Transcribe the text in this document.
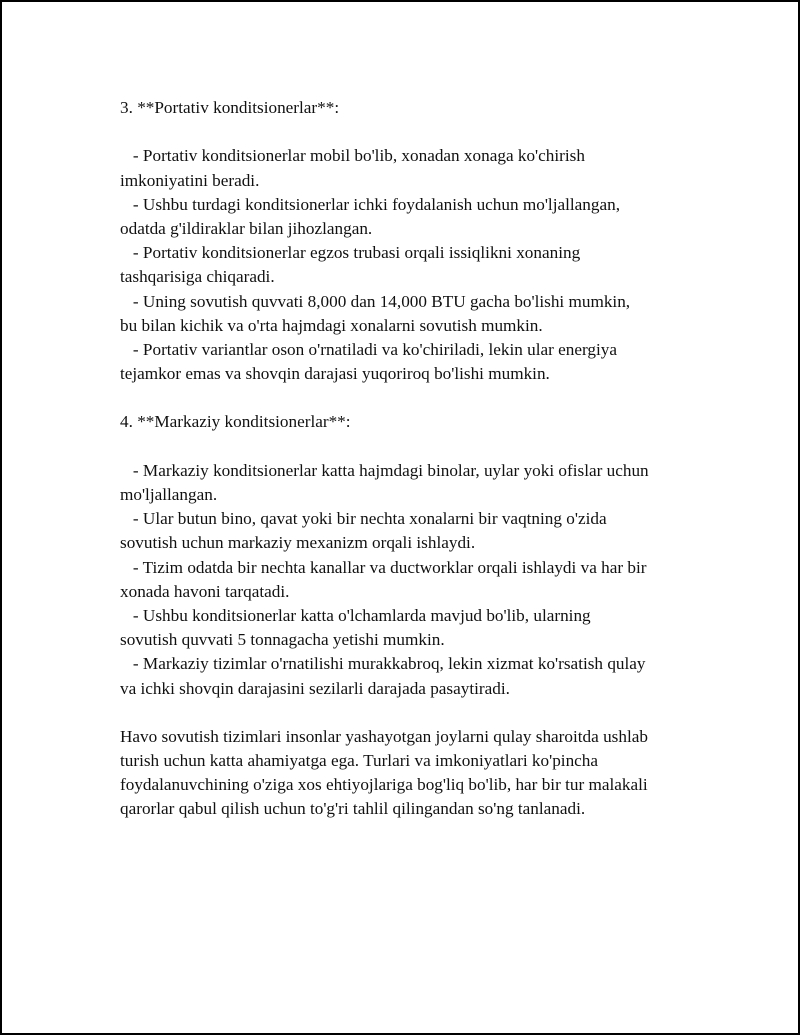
3. **Portativ konditsionerlar**:
- Portativ konditsionerlar mobil bo'lib, xonadan xonaga ko'chirish
imkoniyatini beradi.
- Ushbu turdagi konditsionerlar ichki foydalanish uchun mo'ljallangan,
odatda g'ildiraklar bilan jihozlangan.
- Portativ konditsionerlar egzos trubasi orqali issiqlikni xonaning
tashqarisiga chiqaradi.
- Uning sovutish quvvati 8,000 dan 14,000 BTU gacha bo'lishi mumkin,
bu bilan kichik va o'rta hajmdagi xonalarni sovutish mumkin.
- Portativ variantlar oson o'rnatiladi va ko'chiriladi, lekin ular energiya
tejamkor emas va shovqin darajasi yuqoriroq bo'lishi mumkin.
4. **Markaziy konditsionerlar**:
- Markaziy konditsionerlar katta hajmdagi binolar, uylar yoki ofislar uchun
mo'ljallangan.
- Ular butun bino, qavat yoki bir nechta xonalarni bir vaqtning o'zida
sovutish uchun markaziy mexanizm orqali ishlaydi.
- Tizim odatda bir nechta kanallar va ductworklar orqali ishlaydi va har bir
xonada havoni tarqatadi.
- Ushbu konditsionerlar katta o'lchamlarda mavjud bo'lib, ularning
sovutish quvvati 5 tonnagacha yetishi mumkin.
- Markaziy tizimlar o'rnatilishi murakkabroq, lekin xizmat ko'rsatish qulay
va ichki shovqin darajasini sezilarli darajada pasaytiradi.
Havo sovutish tizimlari insonlar yashayotgan joylarni qulay sharoitda ushlab
turish uchun katta ahamiyatga ega. Turlari va imkoniyatlari ko'pincha
foydalanuvchining o'ziga xos ehtiyojlariga bog'liq bo'lib, har bir tur malakali
qarorlar qabul qilish uchun to'g'ri tahlil qilingandan so'ng tanlanadi.
